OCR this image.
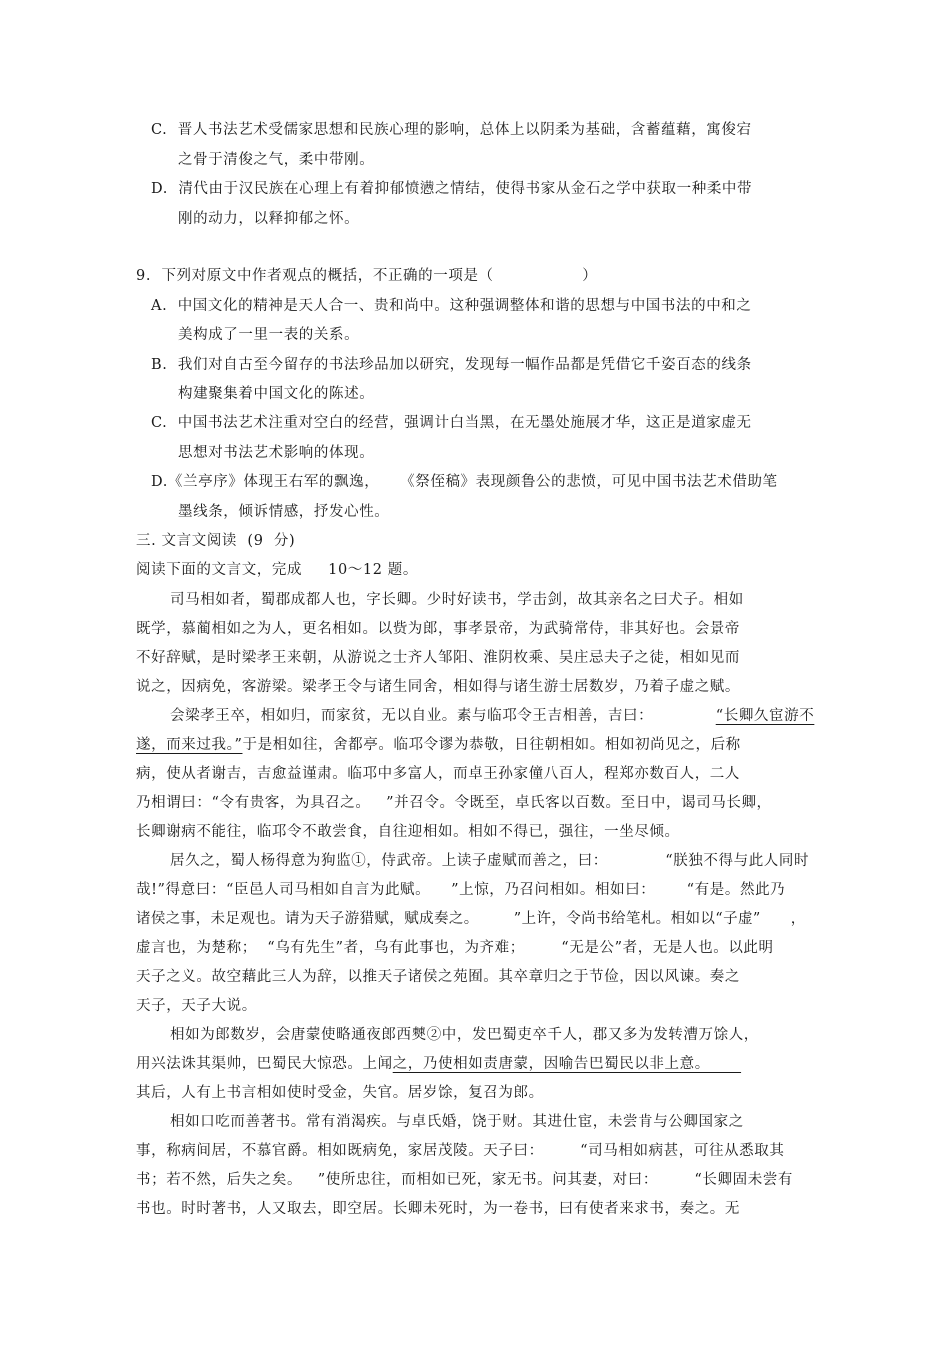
C.  晋人书法艺术受儒家思想和民族心理的影响，总体上以阴柔为基础，含蓄蕴藉，寓俊宕
之骨于清俊之气，柔中带刚。
D.  清代由于汉民族在心理上有着抑郁愤懑之情结，使得书家从金石之学中获取一种柔中带
刚的动力，以释抑郁之怀。
9.  下列对原文中作者观点的概括，不正确的一项是（                 ）
A.  中国文化的精神是天人合一、贵和尚中。这种强调整体和谐的思想与中国书法的中和之
美构成了一里一表的关系。
B.  我们对自古至今留存的书法珍品加以研究，发现每一幅作品都是凭借它千姿百态的线条
构建聚集着中国文化的陈述。
C.  中国书法艺术注重对空白的经营，强调计白当黑，在无墨处施展才华，这正是道家虚无
思想对书法艺术影响的体现。
D.《兰亭序》体现王右军的飘逸，    《祭侄稿》表现颜鲁公的悲愤，可见中国书法艺术借助笔
墨线条，倾诉情感，抒发心性。
三. 文言文阅读  (9  分)
阅读下面的文言文，完成     10～12 题。
司马相如者，蜀郡成都人也，字长卿。少时好读书，学击剑，故其亲名之曰犬子。相如
既学，慕蔺相如之为人，更名相如。以赀为郎，事孝景帝，为武骑常侍，非其好也。会景帝
不好辞赋，是时梁孝王来朝，从游说之士齐人邹阳、淮阴枚乘、吴庄忌夫子之徒，相如见而
说之，因病免，客游梁。梁孝王令与诸生同舍，相如得与诸生游士居数岁，乃着子虚之赋。
会梁孝王卒，相如归，而家贫，无以自业。素与临邛令王吉相善，吉曰：	“长卿久宦游不
遂，而来过我。”于是相如往，舍都亭。临邛令谬为恭敬，日往朝相如。相如初尚见之，后称
病，使从者谢吉，吉愈益谨肃。临邛中多富人，而卓王孙家僮八百人，程郑亦数百人，二人
乃相谓曰：“令有贵客，为具召之。   ”并召令。令既至，卓氏客以百数。至日中，谒司马长卿，
长卿谢病不能往，临邛令不敢尝食，自往迎相如。相如不得已，强往，一坐尽倾。
居久之，蜀人杨得意为狗监①，侍武帝。上读子虚赋而善之，曰：           “朕独不得与此人同时
哉!”得意曰：“臣邑人司马相如自言为此赋。    ”上惊，乃召问相如。相如曰：      “有是。然此乃
诸侯之事，未足观也。请为天子游猎赋，赋成奏之。       ”上许，令尚书给笔札。相如以“子虚”      ，
虚言也，为楚称；  “乌有先生”者，乌有此事也，为齐难；       “无是公”者，无是人也。以此明
天子之义。故空藉此三人为辞，以推天子诸侯之苑囿。其卒章归之于节俭，因以风谏。奏之
天子，天子大说。
相如为郎数岁，会唐蒙使略通夜郎西僰②中，发巴蜀吏卒千人，郡又多为发转漕万馀人，
用兴法诛其渠帅，巴蜀民大惊恐。上闻之，乃使相如责唐蒙，因喻告巴蜀民以非上意。
其后，人有上书言相如使时受金，失官。居岁馀，复召为郎。
相如口吃而善著书。常有消渴疾。与卓氏婚，饶于财。其进仕宦，未尝肯与公卿国家之
事，称病间居，不慕官爵。相如既病免，家居茂陵。天子曰：       “司马相如病甚，可往从悉取其
书；若不然，后失之矣。   ”使所忠往，而相如已死，家无书。问其妻，对曰：       “长卿固未尝有
书也。时时著书，人又取去，即空居。长卿未死时，为一卷书，曰有使者来求书，奏之。无
